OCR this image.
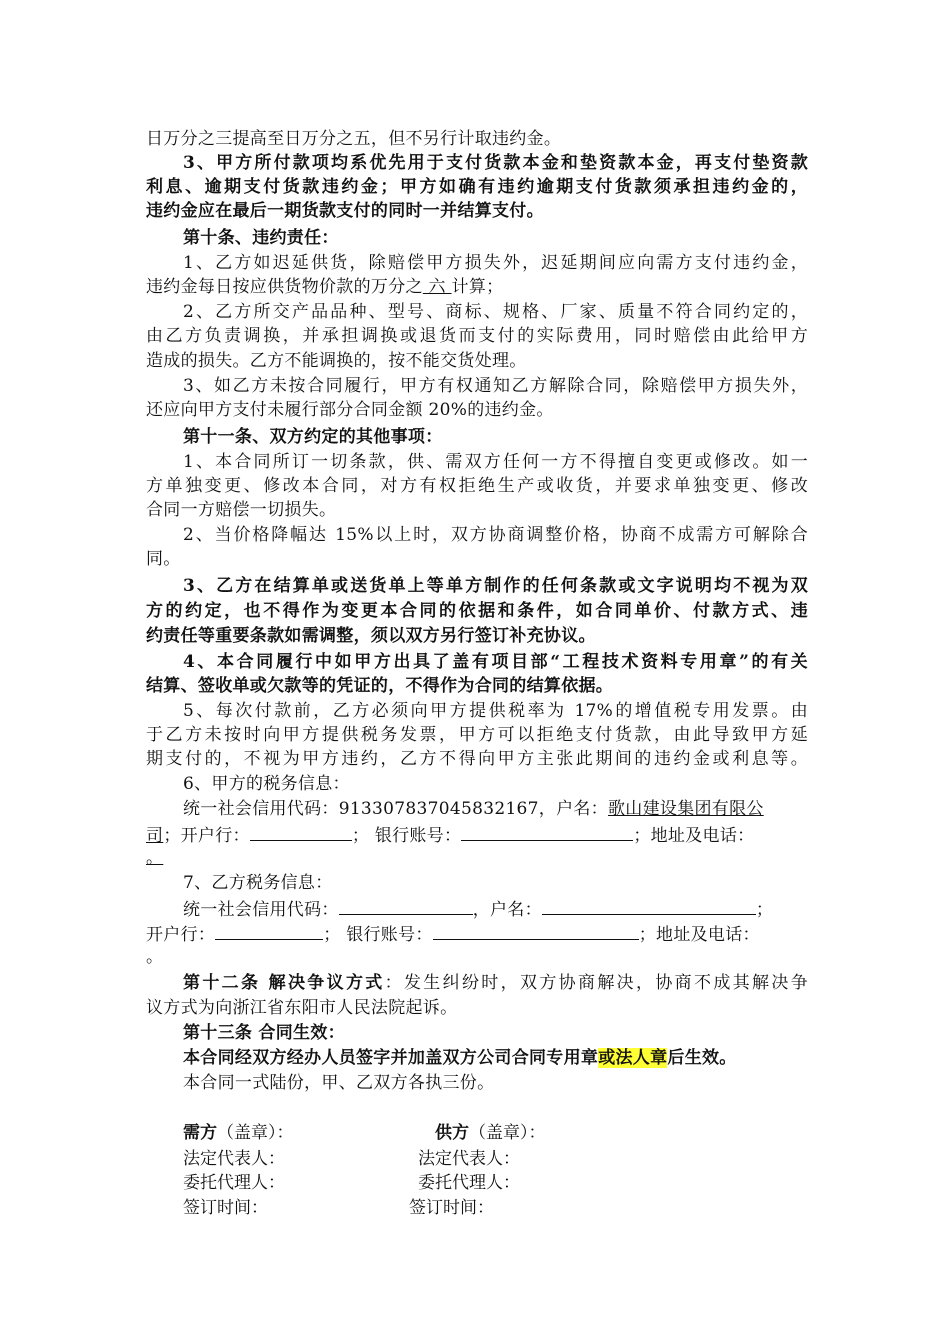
日万分之三提高至日万分之五，但不另行计取违约金。
3、甲方所付款项均系优先用于支付货款本金和垫资款本金，再支付垫资款
利息、逾期支付货款违约金；甲方如确有违约逾期支付货款须承担违约金的，
违约金应在最后一期货款支付的同时一并结算支付。
第十条、违约责任：
1、乙方如迟延供货，除赔偿甲方损失外，迟延期间应向需方支付违约金，
违约金每日按应供货物价款的万分之 六 计算；
2、乙方所交产品品种、型号、商标、规格、厂家、质量不符合同约定的，
由乙方负责调换，并承担调换或退货而支付的实际费用，同时赔偿由此给甲方
造成的损失。乙方不能调换的，按不能交货处理。
3、如乙方未按合同履行，甲方有权通知乙方解除合同，除赔偿甲方损失外，
还应向甲方支付未履行部分合同金额 20%的违约金。
第十一条、双方约定的其他事项：
1、本合同所订一切条款，供、需双方任何一方不得擅自变更或修改。如一
方单独变更、修改本合同，对方有权拒绝生产或收货，并要求单独变更、修改
合同一方赔偿一切损失。
2、当价格降幅达 15%以上时，双方协商调整价格，协商不成需方可解除合
同。
3、乙方在结算单或送货单上等单方制作的任何条款或文字说明均不视为双
方的约定，也不得作为变更本合同的依据和条件，如合同单价、付款方式、违
约责任等重要条款如需调整，须以双方另行签订补充协议。
4、本合同履行中如甲方出具了盖有项目部“工程技术资料专用章”的有关
结算、签收单或欠款等的凭证的，不得作为合同的结算依据。
5、每次付款前，乙方必须向甲方提供税率为 17%的增值税专用发票。由
于乙方未按时向甲方提供税务发票，甲方可以拒绝支付货款，由此导致甲方延
期支付的，不视为甲方违约，乙方不得向甲方主张此期间的违约金或利息等。
6、甲方的税务信息：
统一社会信用代码：913307837045832167，户名：歌山建设集团有限公
司；开户行：	； 银行账号：	；地址及电话：
。
7、乙方税务信息：
统一社会信用代码：	，户名：	；
开户行：	； 银行账号：	；地址及电话：
。
第十二条 解决争议方式：发生纠纷时，双方协商解决，协商不成其解决争
议方式为向浙江省东阳市人民法院起诉。
第十三条 合同生效：
本合同经双方经办人员签字并加盖双方公司合同专用章或法人章后生效。
本合同一式陆份，甲、乙双方各执三份。
需方（盖章）：	供方（盖章）：
法定代表人：	法定代表人：
委托代理人：	委托代理人：
签订时间：	签订时间：
